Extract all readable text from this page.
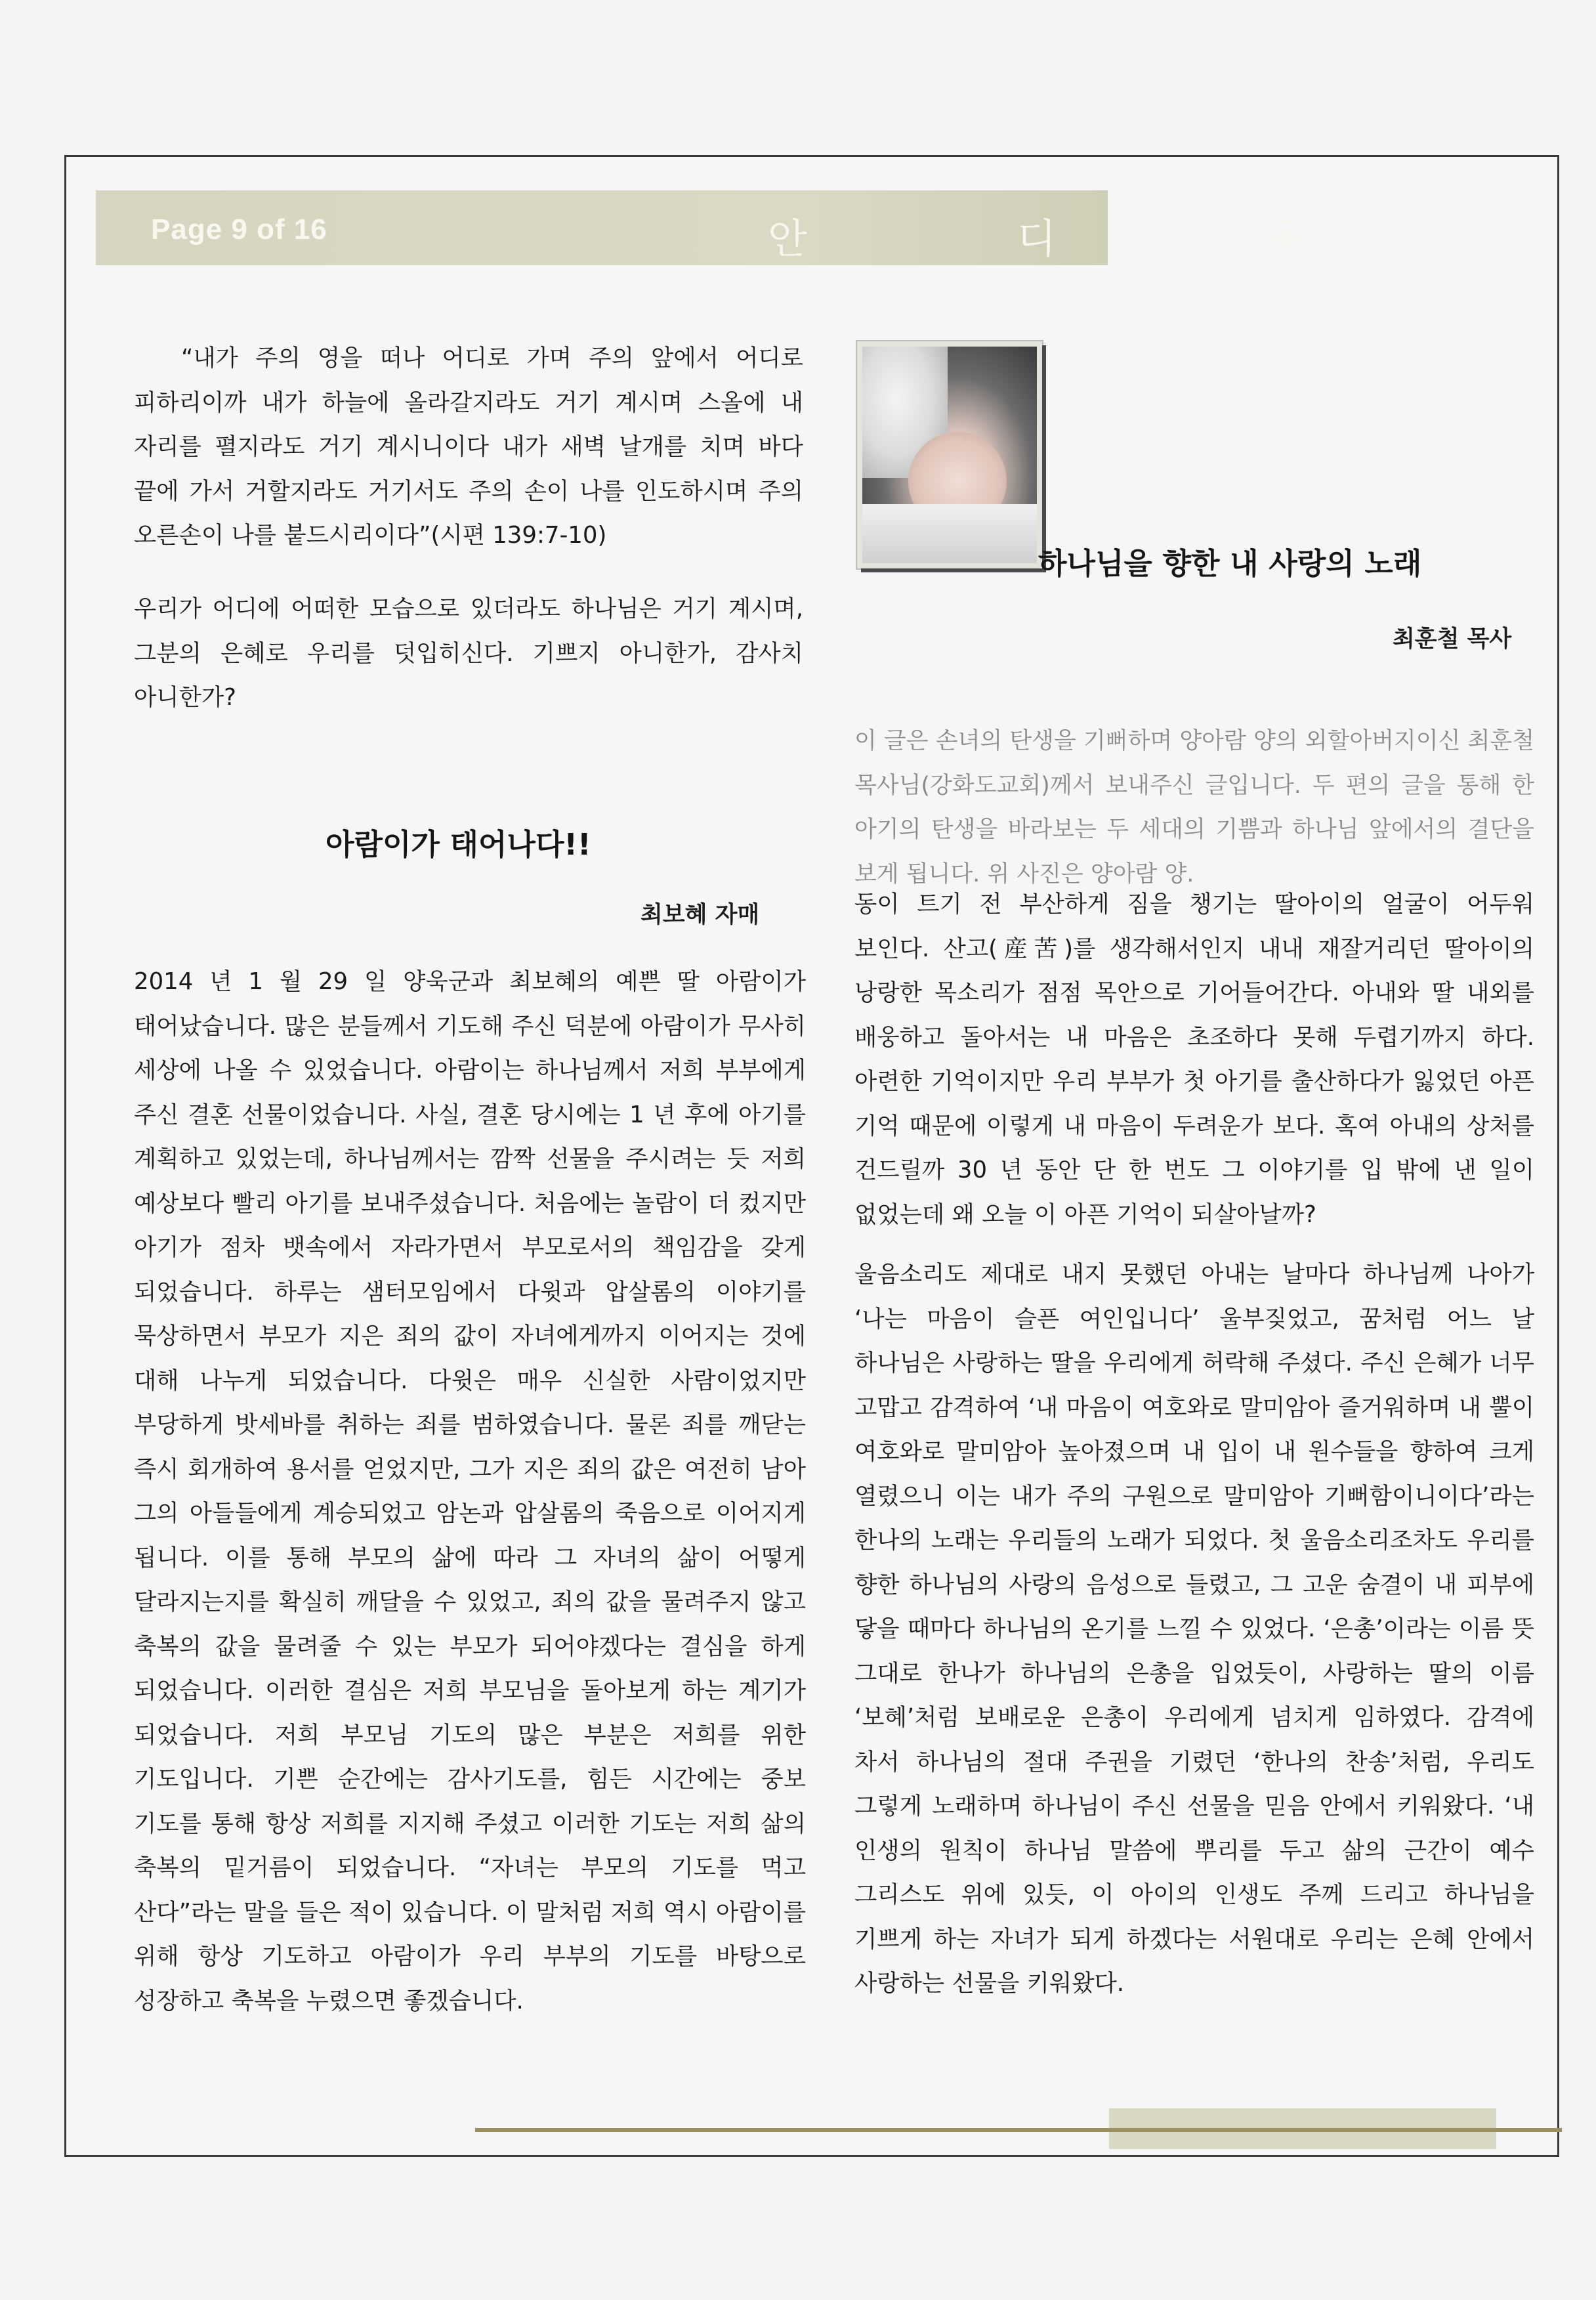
Page 9 of 16	안 디 옥

“내가 주의 영을 떠나 어디로 가며 주의 앞에서 어디로 피하리이까 내가 하늘에 올라갈지라도 거기 계시며 스올에 내 자리를 펼지라도 거기 계시니이다 내가 새벽 날개를 치며 바다 끝에 가서 거할지라도 거기서도 주의 손이 나를 인도하시며 주의 오른손이 나를 붙드시리이다”(시편 139:7-10)

우리가 어디에 어떠한 모습으로 있더라도 하나님은 거기 계시며, 그분의 은혜로 우리를 덧입히신다. 기쁘지 아니한가, 감사치 아니한가?

아람이가 태어나다!!
최보혜 자매

2014 년 1 월 29 일 양욱군과 최보혜의 예쁜 딸 아람이가 태어났습니다. 많은 분들께서 기도해 주신 덕분에 아람이가 무사히 세상에 나올 수 있었습니다. 아람이는 하나님께서 저희 부부에게 주신 결혼 선물이었습니다. 사실, 결혼 당시에는 1 년 후에 아기를 계획하고 있었는데, 하나님께서는 깜짝 선물을 주시려는 듯 저희 예상보다 빨리 아기를 보내주셨습니다. 처음에는 놀람이 더 컸지만 아기가 점차 뱃속에서 자라가면서 부모로서의 책임감을 갖게 되었습니다. 하루는 샘터모임에서 다윗과 압살롬의 이야기를 묵상하면서 부모가 지은 죄의 값이 자녀에게까지 이어지는 것에 대해 나누게 되었습니다. 다윗은 매우 신실한 사람이었지만 부당하게 밧세바를 취하는 죄를 범하였습니다. 물론 죄를 깨닫는 즉시 회개하여 용서를 얻었지만, 그가 지은 죄의 값은 여전히 남아 그의 아들들에게 계승되었고 암논과 압살롬의 죽음으로 이어지게 됩니다. 이를 통해 부모의 삶에 따라 그 자녀의 삶이 어떻게 달라지는지를 확실히 깨달을 수 있었고, 죄의 값을 물려주지 않고 축복의 값을 물려줄 수 있는 부모가 되어야겠다는 결심을 하게 되었습니다. 이러한 결심은 저희 부모님을 돌아보게 하는 계기가 되었습니다. 저희 부모님 기도의 많은 부분은 저희를 위한 기도입니다. 기쁜 순간에는 감사기도를, 힘든 시간에는 중보 기도를 통해 항상 저희를 지지해 주셨고 이러한 기도는 저희 삶의 축복의 밑거름이 되었습니다. “자녀는 부모의 기도를 먹고 산다”라는 말을 들은 적이 있습니다. 이 말처럼 저희 역시 아람이를 위해 항상 기도하고 아람이가 우리 부부의 기도를 바탕으로 성장하고 축복을 누렸으면 좋겠습니다.

하나님을 향한 내 사랑의 노래
최훈철 목사
이 글은 손녀의 탄생을 기뻐하며 양아람 양의 외할아버지이신 최훈철 목사님(강화도교회)께서 보내주신 글입니다. 두 편의 글을 통해 한 아기의 탄생을 바라보는 두 세대의 기쁨과 하나님 앞에서의 결단을 보게 됩니다. 위 사진은 양아람 양.

동이 트기 전 부산하게 짐을 챙기는 딸아이의 얼굴이 어두워 보인다. 산고(産苦)를 생각해서인지 내내 재잘거리던 딸아이의 낭랑한 목소리가 점점 목안으로 기어들어간다. 아내와 딸 내외를 배웅하고 돌아서는 내 마음은 초조하다 못해 두렵기까지 하다. 아련한 기억이지만 우리 부부가 첫 아기를 출산하다가 잃었던 아픈 기억 때문에 이렇게 내 마음이 두려운가 보다. 혹여 아내의 상처를 건드릴까 30 년 동안 단 한 번도 그 이야기를 입 밖에 낸 일이 없었는데 왜 오늘 이 아픈 기억이 되살아날까?

울음소리도 제대로 내지 못했던 아내는 날마다 하나님께 나아가 ‘나는 마음이 슬픈 여인입니다’ 울부짖었고, 꿈처럼 어느 날 하나님은 사랑하는 딸을 우리에게 허락해 주셨다. 주신 은혜가 너무 고맙고 감격하여 ‘내 마음이 여호와로 말미암아 즐거워하며 내 뿔이 여호와로 말미암아 높아졌으며 내 입이 내 원수들을 향하여 크게 열렸으니 이는 내가 주의 구원으로 말미암아 기뻐함이니이다’라는 한나의 노래는 우리들의 노래가 되었다. 첫 울음소리조차도 우리를 향한 하나님의 사랑의 음성으로 들렸고, 그 고운 숨결이 내 피부에 닿을 때마다 하나님의 온기를 느낄 수 있었다. ‘은총’이라는 이름 뜻 그대로 한나가 하나님의 은총을 입었듯이, 사랑하는 딸의 이름 ‘보혜’처럼 보배로운 은총이 우리에게 넘치게 임하였다. 감격에 차서 하나님의 절대 주권을 기렸던 ‘한나의 찬송’처럼, 우리도 그렇게 노래하며 하나님이 주신 선물을 믿음 안에서 키워왔다. ‘내 인생의 원칙이 하나님 말씀에 뿌리를 두고 삶의 근간이 예수 그리스도 위에 있듯, 이 아이의 인생도 주께 드리고 하나님을 기쁘게 하는 자녀가 되게 하겠다는 서원대로 우리는 은혜 안에서 사랑하는 선물을 키워왔다.
